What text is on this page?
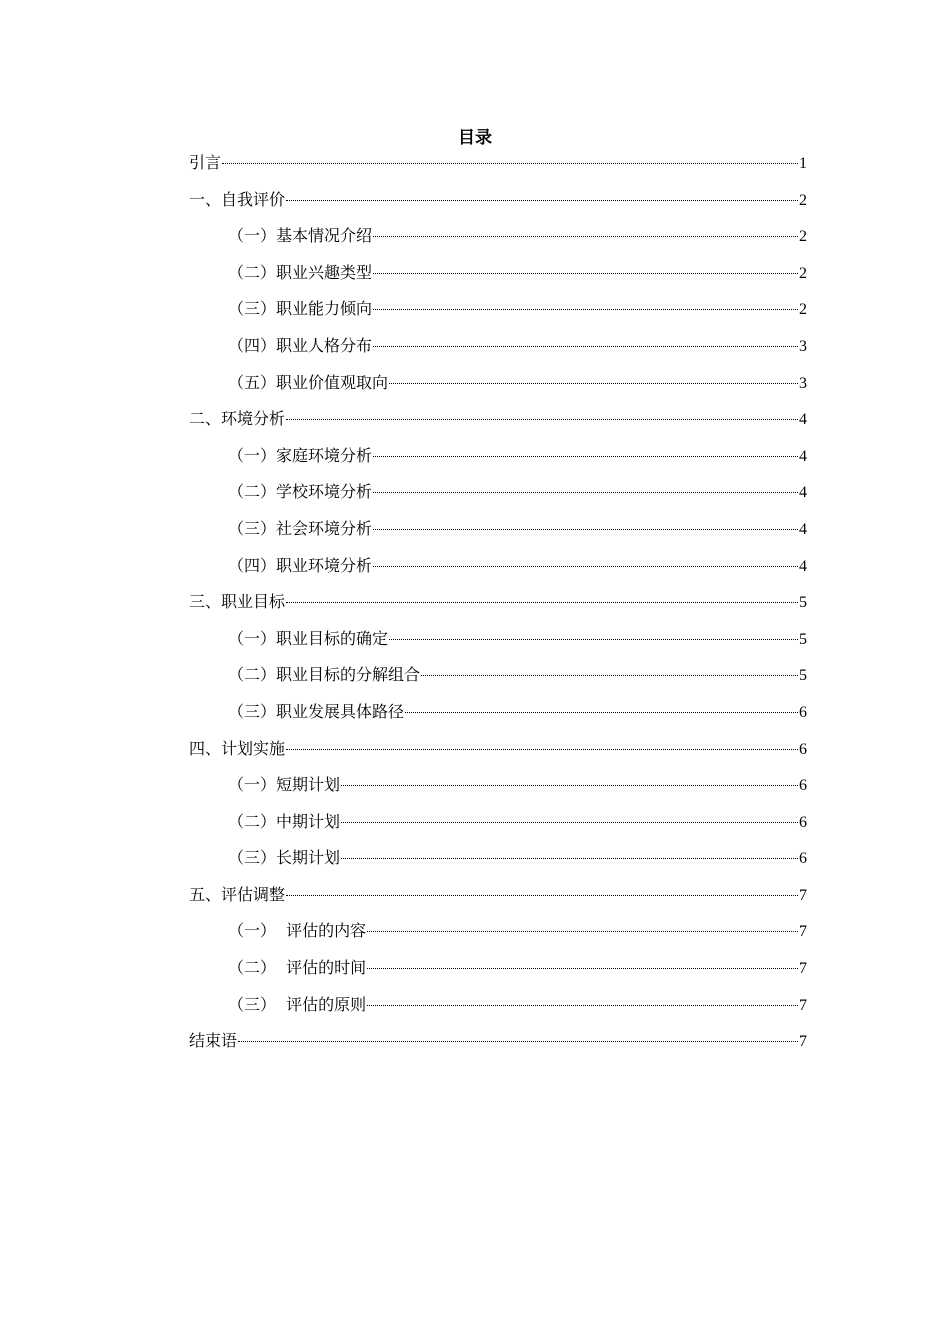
目录
引言	1
一、自我评价	2
（一）基本情况介绍	2
（二）职业兴趣类型	2
（三）职业能力倾向	2
（四）职业人格分布	3
（五）职业价值观取向	3
二、环境分析	4
（一）家庭环境分析	4
（二）学校环境分析	4
（三）社会环境分析	4
（四）职业环境分析	4
三、职业目标	5
（一）职业目标的确定	5
（二）职业目标的分解组合	5
（三）职业发展具体路径	6
四、计划实施	6
（一）短期计划	6
（二）中期计划	6
（三）长期计划	6
五、评估调整	7
（一）  评估的内容	7
（二）  评估的时间	7
（三）  评估的原则	7
结束语	7
